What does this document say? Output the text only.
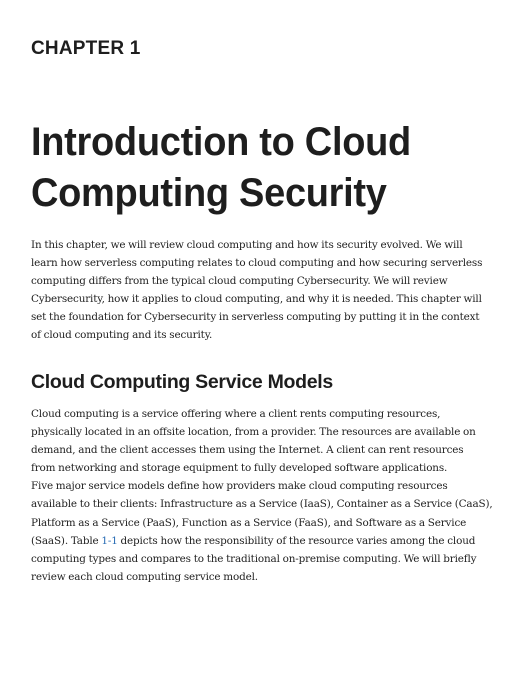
CHAPTER 1

Introduction to Cloud
Computing Security

In this chapter, we will review cloud computing and how its security evolved. We will
learn how serverless computing relates to cloud computing and how securing serverless
computing differs from the typical cloud computing Cybersecurity. We will review
Cybersecurity, how it applies to cloud computing, and why it is needed. This chapter will
set the foundation for Cybersecurity in serverless computing by putting it in the context
of cloud computing and its security.

Cloud Computing Service Models

Cloud computing is a service offering where a client rents computing resources,
physically located in an offsite location, from a provider. The resources are available on
demand, and the client accesses them using the Internet. A client can rent resources
from networking and storage equipment to fully developed software applications.
Five major service models define how providers make cloud computing resources
available to their clients: Infrastructure as a Service (IaaS), Container as a Service (CaaS),
Platform as a Service (PaaS), Function as a Service (FaaS), and Software as a Service
(SaaS). Table 1-1 depicts how the responsibility of the resource varies among the cloud
computing types and compares to the traditional on-premise computing. We will briefly
review each cloud computing service model.
